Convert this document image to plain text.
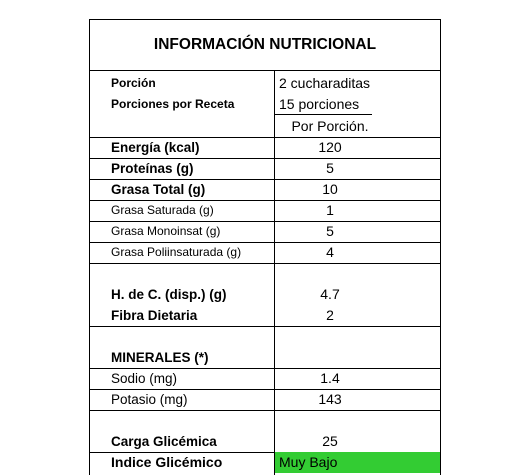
INFORMACIÓN NUTRICIONAL
Porción	2 cucharaditas
Porciones por Receta	15 porciones
Por Porción.
Energía (kcal)	120
Proteínas (g)	5
Grasa Total (g)	10
Grasa Saturada (g)	1
Grasa Monoinsat (g)	5
Grasa Poliinsaturada (g)	4
H. de C. (disp.) (g)	4.7
Fibra Dietaria	2
MINERALES (*)
Sodio (mg)	1.4
Potasio (mg)	143
Carga Glicémica	25
Indice Glicémico	Muy Bajo
